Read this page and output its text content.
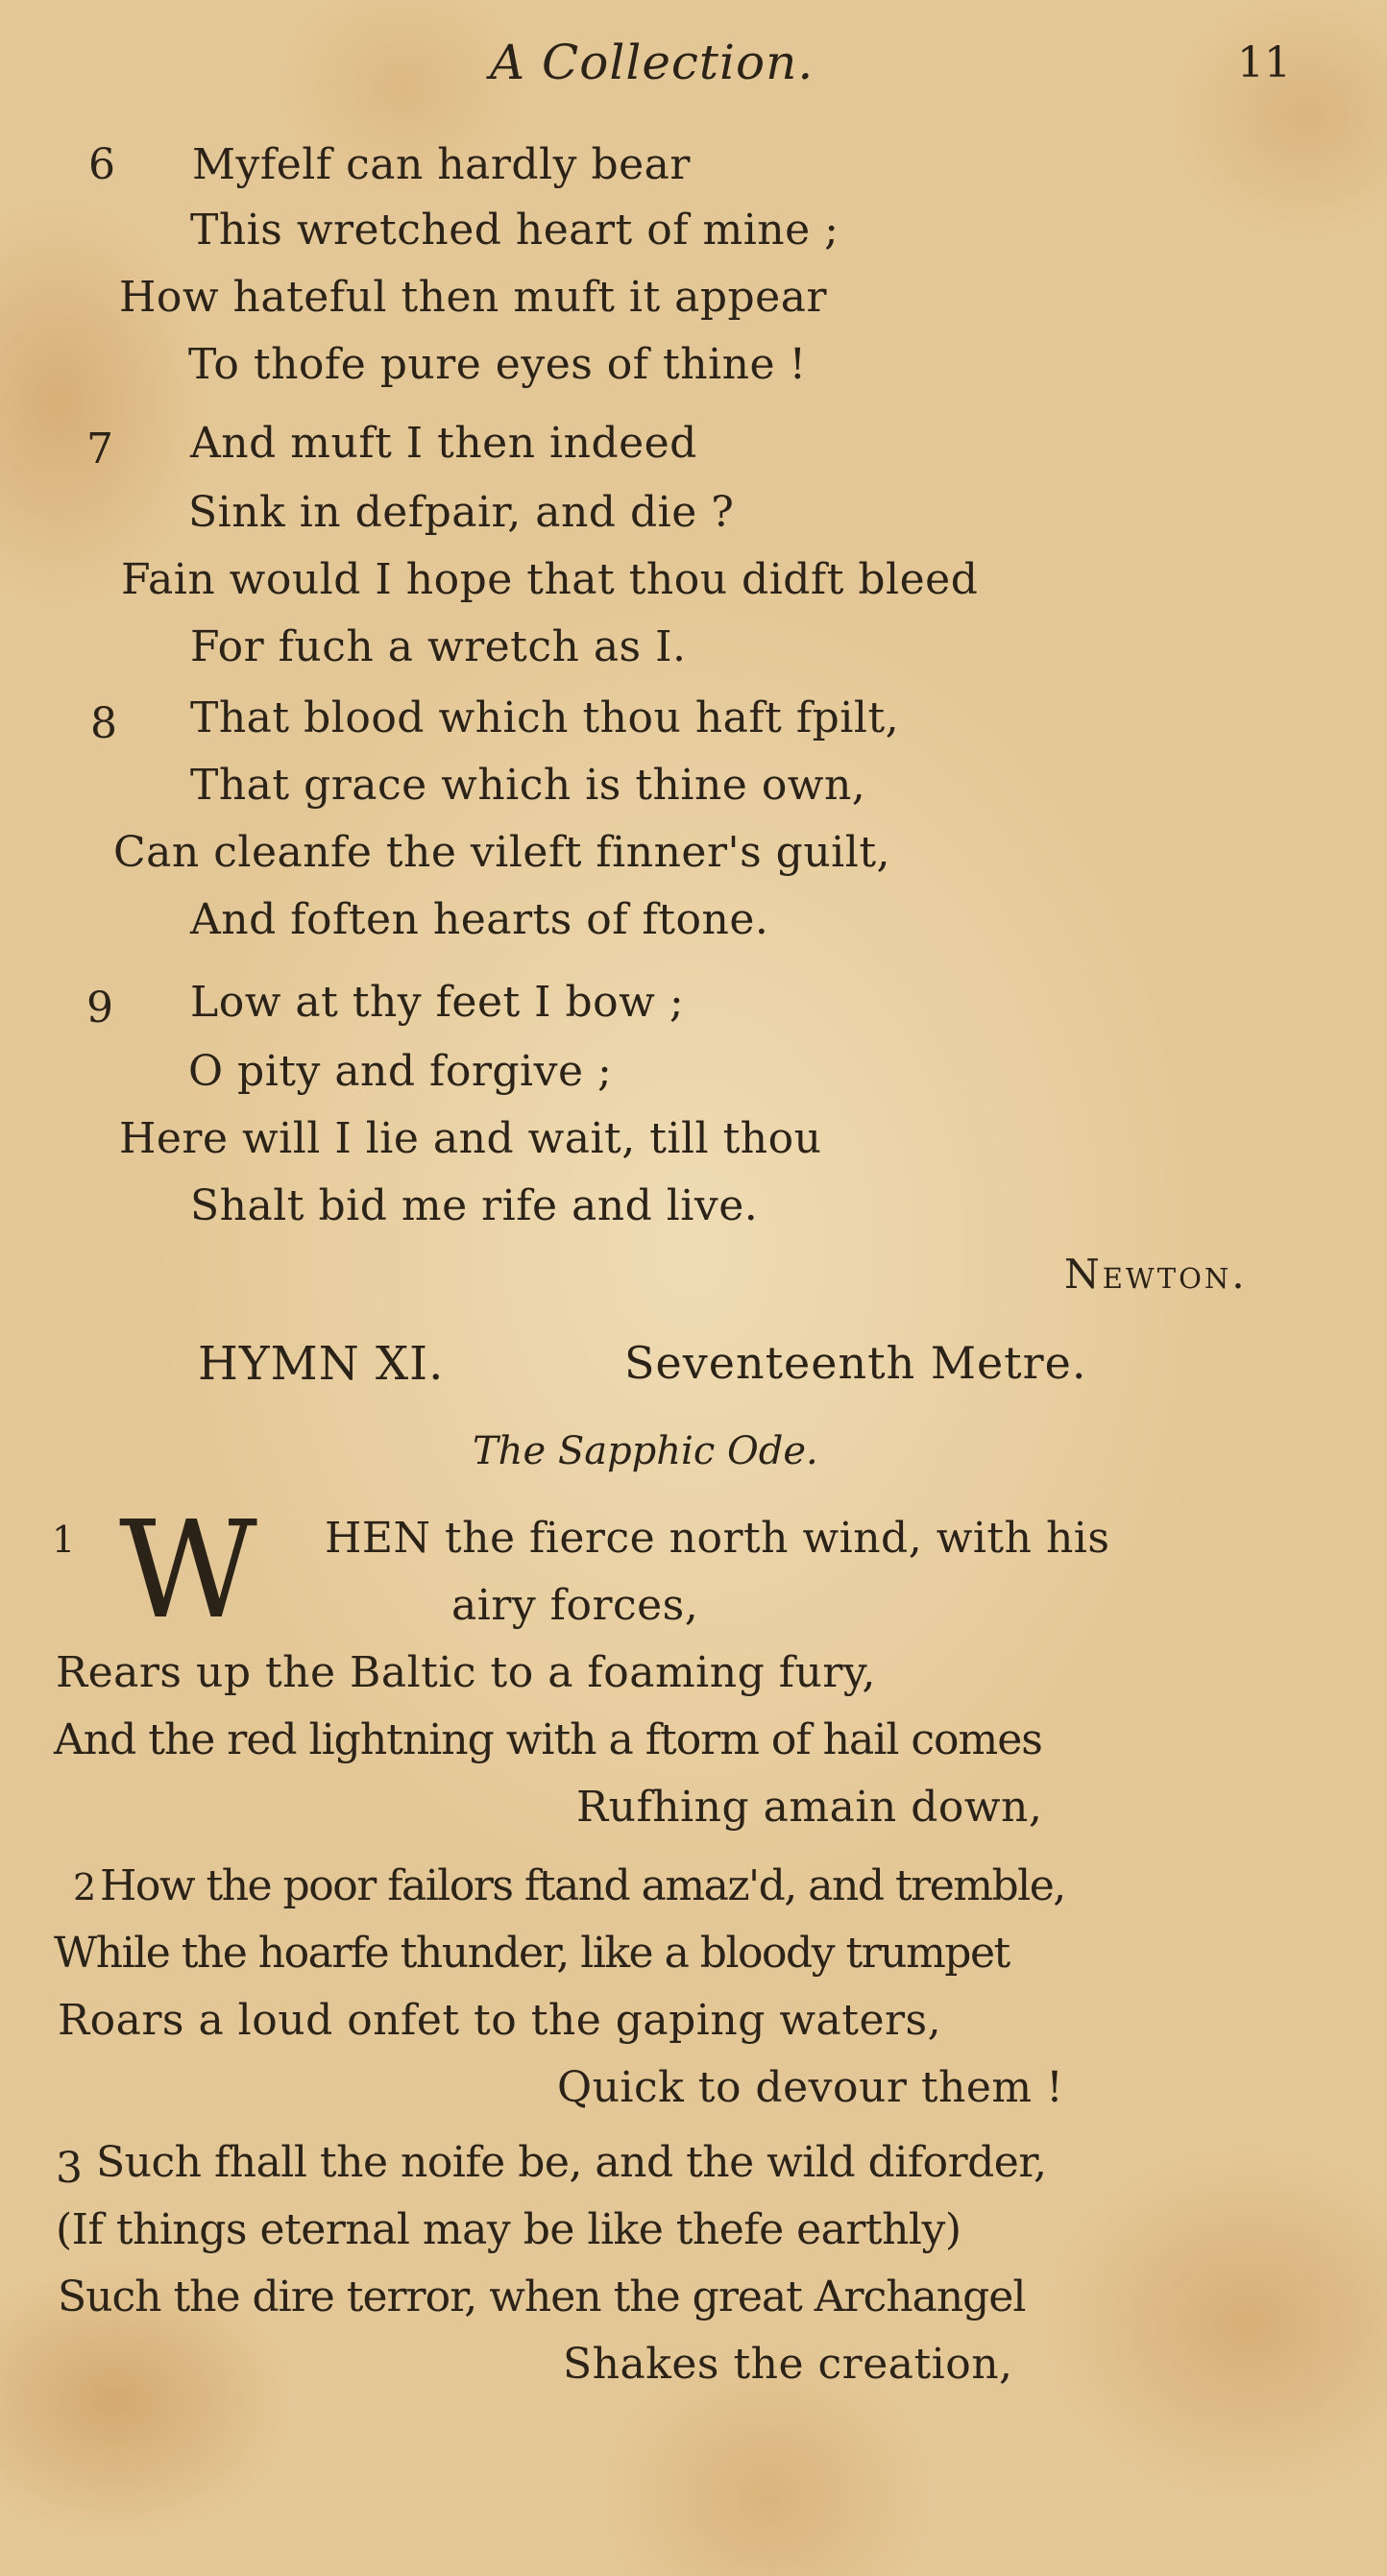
A Collection.	11
6 Myfelf can hardly bear
This wretched heart of mine ;
How hateful then muft it appear
To thofe pure eyes of thine !
7 And muft I then indeed
Sink in defpair, and die ?
Fain would I hope that thou didft bleed
For fuch a wretch as I.
8 That blood which thou haft fpilt,
That grace which is thine own,
Can cleanfe the vileft finner's guilt,
And foften hearts of ftone.
9 Low at thy feet I bow ;
O pity and forgive ;
Here will I lie and wait, till thou
Shalt bid me rife and live.
Newton.
HYMN XI.	Seventeenth Metre.
The Sapphic Ode.
1 W HEN the fierce north wind, with his
airy forces,
Rears up the Baltic to a foaming fury,
And the red lightning with a ftorm of hail comes
Rufhing amain down,
2 How the poor failors ftand amaz'd, and tremble,
While the hoarfe thunder, like a bloody trumpet
Roars a loud onfet to the gaping waters,
Quick to devour them !
3 Such fhall the noife be, and the wild diforder,
(If things eternal may be like thefe earthly)
Such the dire terror, when the great Archangel
Shakes the creation,
